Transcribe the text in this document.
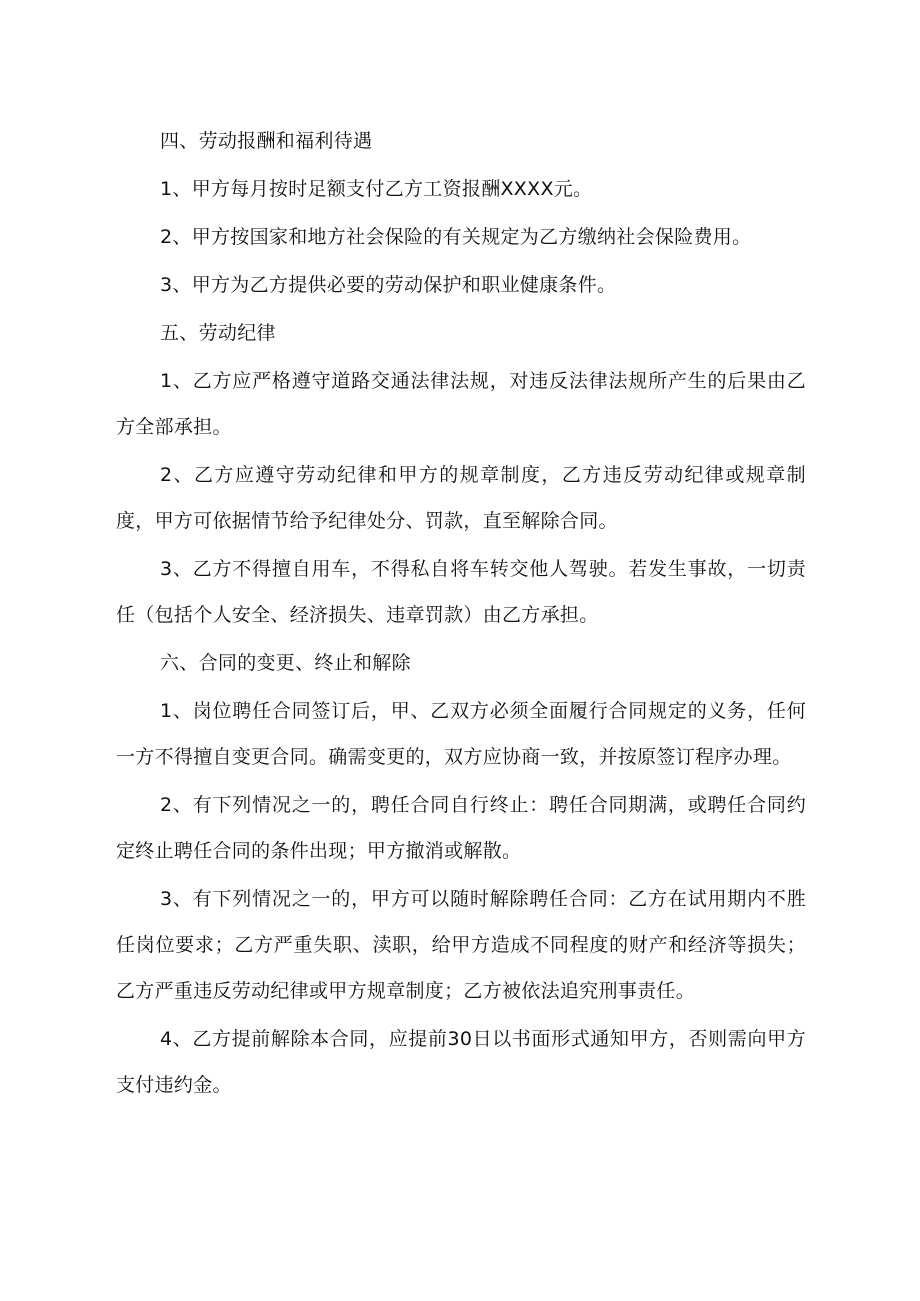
四、劳动报酬和福利待遇

1、甲方每月按时足额支付乙方工资报酬XXXX元。

2、甲方按国家和地方社会保险的有关规定为乙方缴纳社会保险费用。

3、甲方为乙方提供必要的劳动保护和职业健康条件。

五、劳动纪律

1、乙方应严格遵守道路交通法律法规，对违反法律法规所产生的后果由乙方全部承担。

2、乙方应遵守劳动纪律和甲方的规章制度，乙方违反劳动纪律或规章制度，甲方可依据情节给予纪律处分、罚款，直至解除合同。

3、乙方不得擅自用车，不得私自将车转交他人驾驶。若发生事故，一切责任（包括个人安全、经济损失、违章罚款）由乙方承担。

六、合同的变更、终止和解除

1、岗位聘任合同签订后，甲、乙双方必须全面履行合同规定的义务，任何一方不得擅自变更合同。确需变更的，双方应协商一致，并按原签订程序办理。

2、有下列情况之一的，聘任合同自行终止：聘任合同期满，或聘任合同约定终止聘任合同的条件出现；甲方撤消或解散。

3、有下列情况之一的，甲方可以随时解除聘任合同：乙方在试用期内不胜任岗位要求；乙方严重失职、渎职，给甲方造成不同程度的财产和经济等损失；乙方严重违反劳动纪律或甲方规章制度；乙方被依法追究刑事责任。

4、乙方提前解除本合同，应提前30日以书面形式通知甲方，否则需向甲方支付违约金。
